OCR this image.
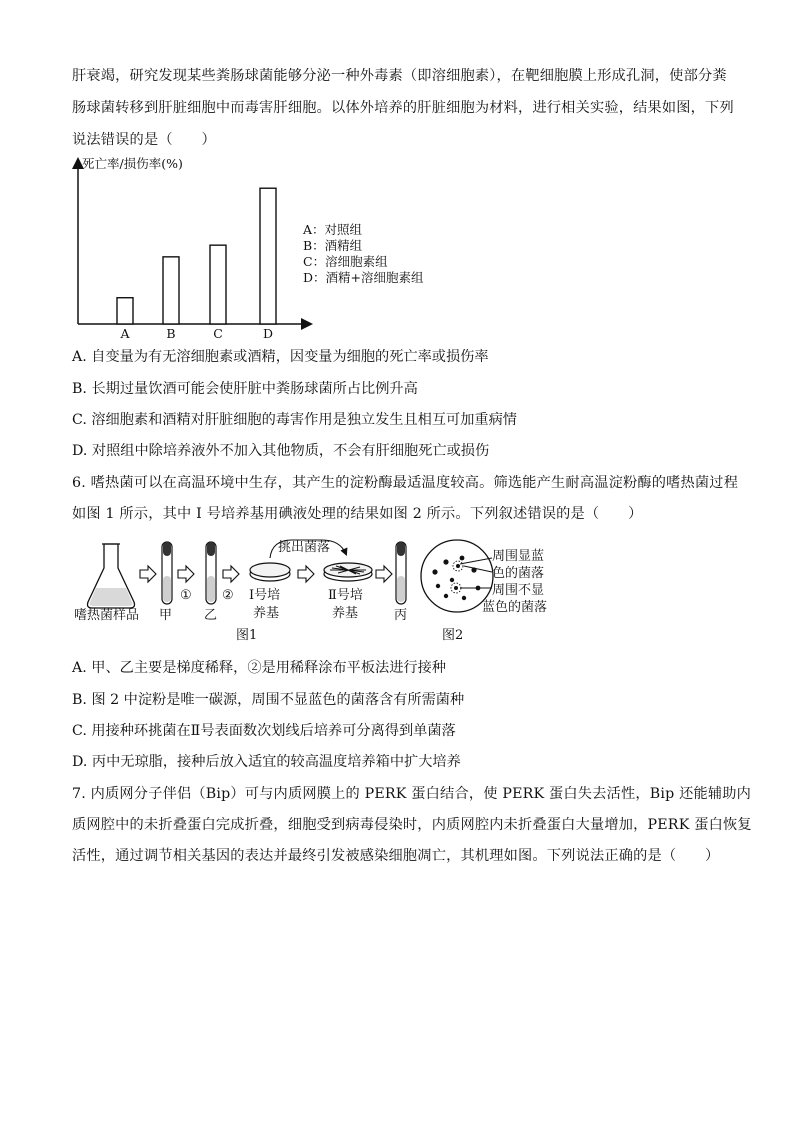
肝衰竭，研究发现某些粪肠球菌能够分泌一种外毒素（即溶细胞素），在靶细胞膜上形成孔洞，使部分粪
肠球菌转移到肝脏细胞中而毒害肝细胞。以体外培养的肝脏细胞为材料，进行相关实验，结果如图，下列
说法错误的是（　　）
死亡率/损伤率(%)
A	B	C	D
A：对照组
B：酒精组
C：溶细胞素组
D：酒精+溶细胞素组
A. 自变量为有无溶细胞素或酒精，因变量为细胞的死亡率或损伤率
B. 长期过量饮酒可能会使肝脏中粪肠球菌所占比例升高
C. 溶细胞素和酒精对肝脏细胞的毒害作用是独立发生且相互可加重病情
D. 对照组中除培养液外不加入其他物质，不会有肝细胞死亡或损伤
6. 嗜热菌可以在高温环境中生存，其产生的淀粉酶最适温度较高。筛选能产生耐高温淀粉酶的嗜热菌过程
如图 1 所示，其中 I 号培养基用碘液处理的结果如图 2 所示。下列叙述错误的是（　　）
嗜热菌样品 甲
①
乙
② Ⅰ号培
养基
挑出菌落
Ⅱ号培
养基	丙
周围显蓝
色的菌落
周围不显
蓝色的菌落
图1	图2
A. 甲、乙主要是梯度稀释，②是用稀释涂布平板法进行接种
B. 图 2 中淀粉是唯一碳源，周围不显蓝色的菌落含有所需菌种
C. 用接种环挑菌在Ⅱ号表面数次划线后培养可分离得到单菌落
D. 丙中无琼脂，接种后放入适宜的较高温度培养箱中扩大培养
7. 内质网分子伴侣（Bip）可与内质网膜上的 PERK 蛋白结合，使 PERK 蛋白失去活性，Bip 还能辅助内
质网腔中的未折叠蛋白完成折叠，细胞受到病毒侵染时，内质网腔内未折叠蛋白大量增加，PERK 蛋白恢复
活性，通过调节相关基因的表达并最终引发被感染细胞凋亡，其机理如图。下列说法正确的是（　　）
